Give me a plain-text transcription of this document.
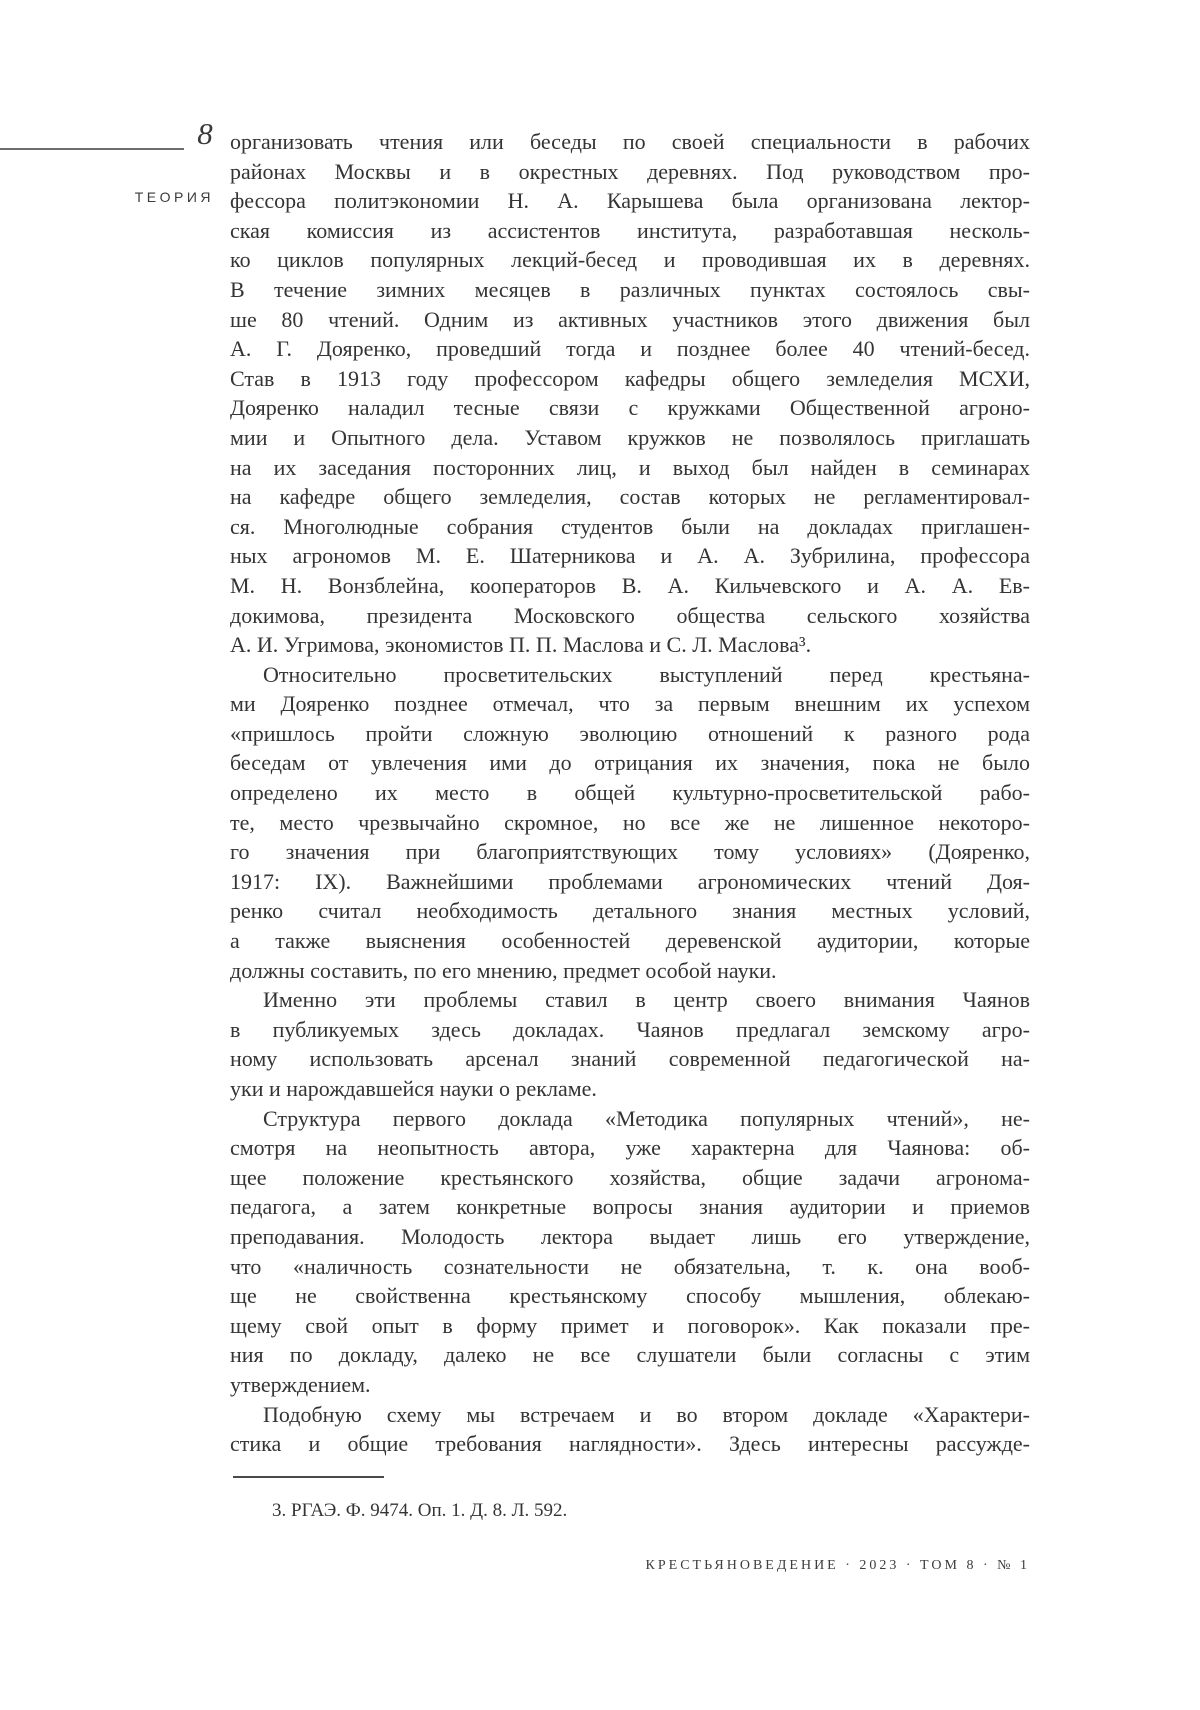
8
ТЕОРИЯ
организовать чтения или беседы по своей специальности в рабочих
районах Москвы и в окрестных деревнях. Под руководством про-
фессора политэкономии Н. А. Карышева была организована лектор-
ская комиссия из ассистентов института, разработавшая несколь-
ко циклов популярных лекций-бесед и проводившая их в деревнях.
В течение зимних месяцев в различных пунктах состоялось свы-
ше 80 чтений. Одним из активных участников этого движения был
А. Г. Дояренко, проведший тогда и позднее более 40 чтений-бесед.
Став в 1913 году профессором кафедры общего земледелия МСХИ,
Дояренко наладил тесные связи с кружками Общественной агроно-
мии и Опытного дела. Уставом кружков не позволялось приглашать
на их заседания посторонних лиц, и выход был найден в семинарах
на кафедре общего земледелия, состав которых не регламентировал-
ся. Многолюдные собрания студентов были на докладах приглашен-
ных агрономов М. Е. Шатерникова и А. А. Зубрилина, профессора
М. Н. Вонзблейна, кооператоров В. А. Кильчевского и А. А. Ев-
докимова, президента Московского общества сельского хозяйства
А. И. Угримова, экономистов П. П. Маслова и С. Л. Маслова³.
Относительно просветительских выступлений перед крестьяна-
ми Дояренко позднее отмечал, что за первым внешним их успехом
«пришлось пройти сложную эволюцию отношений к разного рода
беседам от увлечения ими до отрицания их значения, пока не было
определено их место в общей культурно-просветительской рабо-
те, место чрезвычайно скромное, но все же не лишенное некоторо-
го значения при благоприятствующих тому условиях» (Дояренко,
1917: IX). Важнейшими проблемами агрономических чтений Доя-
ренко считал необходимость детального знания местных условий,
а также выяснения особенностей деревенской аудитории, которые
должны составить, по его мнению, предмет особой науки.
Именно эти проблемы ставил в центр своего внимания Чаянов
в публикуемых здесь докладах. Чаянов предлагал земскому агро-
ному использовать арсенал знаний современной педагогической на-
уки и нарождавшейся науки о рекламе.
Структура первого доклада «Методика популярных чтений», не-
смотря на неопытность автора, уже характерна для Чаянова: об-
щее положение крестьянского хозяйства, общие задачи агронома-
педагога, а затем конкретные вопросы знания аудитории и приемов
преподавания. Молодость лектора выдает лишь его утверждение,
что «наличность сознательности не обязательна, т. к. она вооб-
ще не свойственна крестьянскому способу мышления, облекаю-
щему свой опыт в форму примет и поговорок». Как показали пре-
ния по докладу, далеко не все слушатели были согласны с этим
утверждением.
Подобную схему мы встречаем и во втором докладе «Характери-
стика и общие требования наглядности». Здесь интересны рассужде-
3. РГАЭ. Ф. 9474. Оп. 1. Д. 8. Л. 592.
КРЕСТЬЯНОВЕДЕНИЕ · 2023 · ТОМ 8 · № 1
